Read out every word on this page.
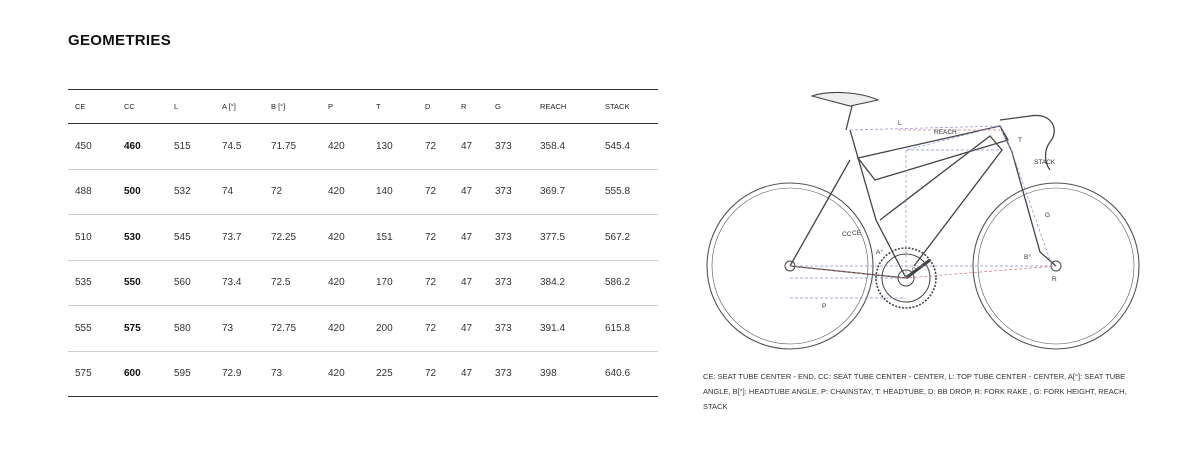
GEOMETRIES
CE	CC	L	A [°]	B [°]	P	T	D	R	G	REACH	STACK
450	460	515	74.5	71.75	420	130	72	47	373	358.4	545.4
488	500	532	74	72	420	140	72	47	373	369.7	555.8
510	530	545	73.7	72.25	420	151	72	47	373	377.5	567.2
535	550	560	73.4	72.5	420	170	72	47	373	384.2	586.2
555	575	580	73	72.75	420	200	72	47	373	391.4	615.8
575	600	595	72.9	73	420	225	72	47	373	398	640.6
L
REACH
T
STACK
G
CC CE
A°
B°
R
D
P
CE: SEAT TUBE CENTER - END, CC: SEAT TUBE CENTER - CENTER, L: TOP TUBE CENTER - CENTER, A[°]: SEAT TUBE ANGLE, B[°]: HEADTUBE ANGLE, P: CHAINSTAY, T: HEADTUBE, D: BB DROP, R: FORK RAKE , G: FORK HEIGHT, REACH, STACK
